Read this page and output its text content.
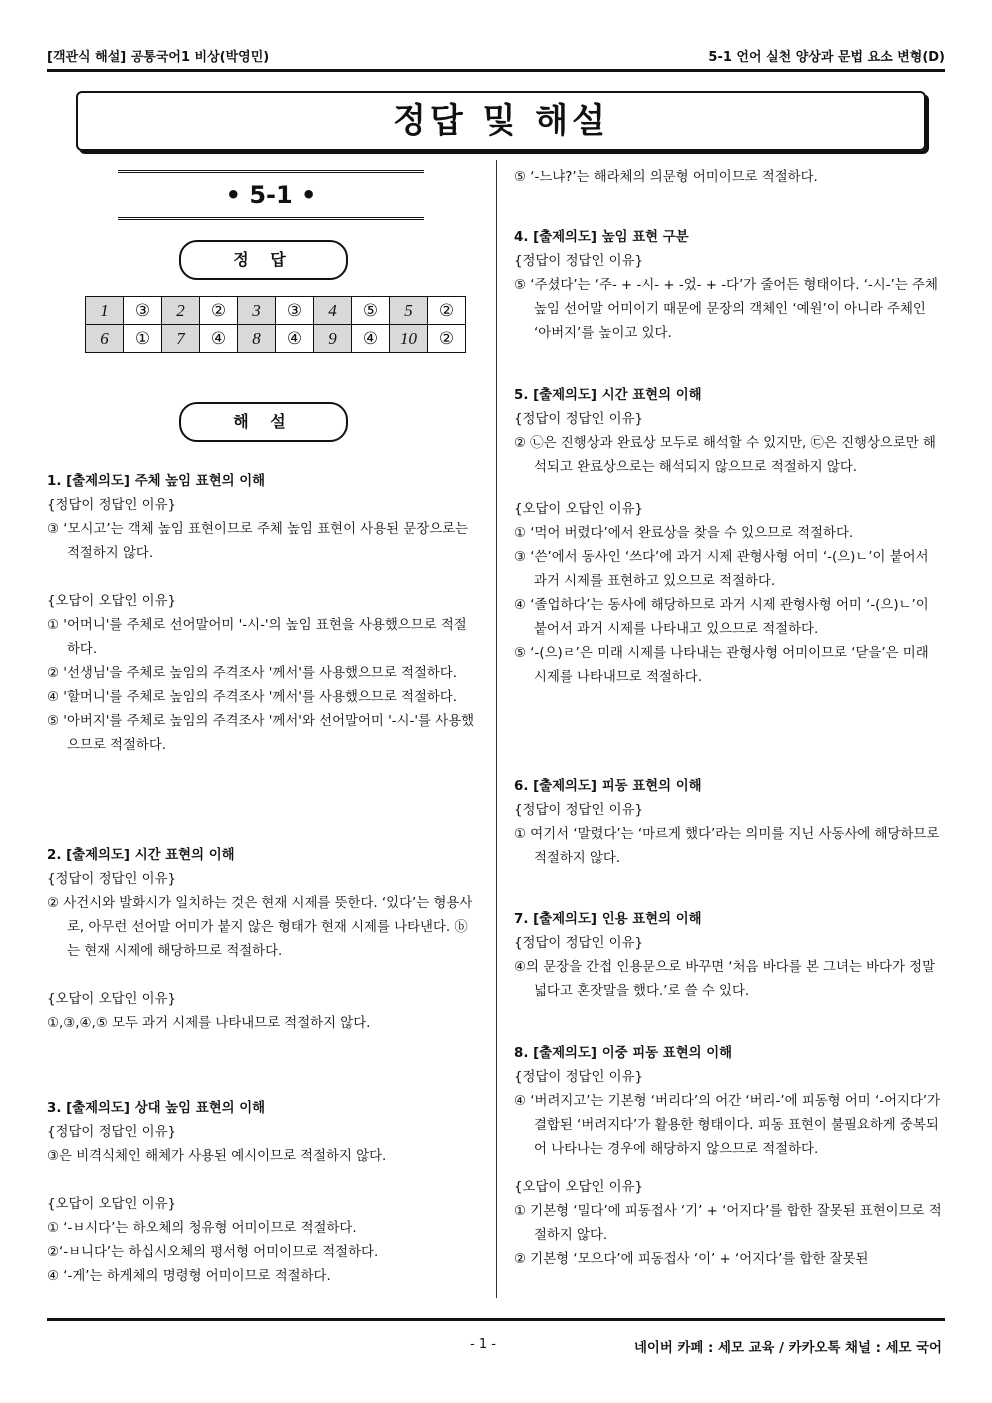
[객관식 해설] 공통국어1 비상(박영민)	5-1 언어 실천 양상과 문법 요소 변형(D)
정답 및 해설
• 5-1 •
정 답
1	③	2	②	3	③	4	⑤	5	②
6	①	7	④	8	④	9	④	10	②
해 설

1. [출제의도] 주체 높임 표현의 이해

{정답이 정답인 이유}

③ ‘모시고’는 객체 높임 표현이므로 주체 높임 표현이 사용된 문장으로는 적절하지 않다.

{오답이 오답인 이유}

① '어머니'를 주체로 선어말어미 '-시-'의 높임 표현을 사용했으므로 적절하다.

② '선생님'을 주체로 높임의 주격조사 '께서'를 사용했으므로 적절하다.

④ '할머니'를 주체로 높임의 주격조사 '께서'를 사용했으므로 적절하다.

⑤ '아버지'를 주체로 높임의 주격조사 '께서'와 선어말어미 '-시-'를 사용했으므로 적절하다.

2. [출제의도] 시간 표현의 이해

{정답이 정답인 이유}

② 사건시와 발화시가 일치하는 것은 현재 시제를 뜻한다. ‘있다’는 형용사로, 아무런 선어말 어미가 붙지 않은 형태가 현재 시제를 나타낸다. ⓑ는 현재 시제에 해당하므로 적절하다.

{오답이 오답인 이유}

①,③,④,⑤ 모두 과거 시제를 나타내므로 적절하지 않다.

3. [출제의도] 상대 높임 표현의 이해

{정답이 정답인 이유}

③은 비격식체인 해체가 사용된 예시이므로 적절하지 않다.

{오답이 오답인 이유}

① ‘-ㅂ시다’는 하오체의 청유형 어미이므로 적절하다.

②‘-ㅂ니다’는 하십시오체의 평서형 어미이므로 적절하다.

④ ‘-게’는 하게체의 명령형 어미이므로 적절하다.

⑤ ‘-느냐?’는 해라체의 의문형 어미이므로 적절하다.

4. [출제의도] 높임 표현 구분

{정답이 정답인 이유}

⑤ ‘주셨다’는 ‘주- + -시- + -었- + -다’가 줄어든 형태이다. ‘-시-’는 주체 높임 선어말 어미이기 때문에 문장의 객체인 ‘예원’이 아니라 주체인 ‘아버지’를 높이고 있다.

5. [출제의도] 시간 표현의 이해

{정답이 정답인 이유}

② ㉡은 진행상과 완료상 모두로 해석할 수 있지만, ㉢은 진행상으로만 해석되고 완료상으로는 해석되지 않으므로 적절하지 않다.

{오답이 오답인 이유}

① ‘먹어 버렸다’에서 완료상을 찾을 수 있으므로 적절하다.

③ ‘쓴’에서 동사인 ‘쓰다’에 과거 시제 관형사형 어미 ‘-(으)ㄴ’이 붙어서 과거 시제를 표현하고 있으므로 적절하다.

④ ‘졸업하다’는 동사에 해당하므로 과거 시제 관형사형 어미 ‘-(으)ㄴ’이 붙어서 과거 시제를 나타내고 있으므로 적절하다.

⑤ ‘-(으)ㄹ’은 미래 시제를 나타내는 관형사형 어미이므로 ‘닫을’은 미래 시제를 나타내므로 적절하다.

6. [출제의도] 피동 표현의 이해

{정답이 정답인 이유}

① 여기서 ‘말렸다’는 ‘마르게 했다’라는 의미를 지닌 사동사에 해당하므로 적절하지 않다.

7. [출제의도] 인용 표현의 이해

{정답이 정답인 이유}

④의 문장을 간접 인용문으로 바꾸면 ‘처음 바다를 본 그녀는 바다가 정말 넓다고 혼잣말을 했다.’로 쓸 수 있다.

8. [출제의도] 이중 피동 표현의 이해

{정답이 정답인 이유}

④ ‘버려지고’는 기본형 ‘버리다’의 어간 ‘버리-’에 피동형 어미 ‘-어지다’가 결합된 ‘버려지다’가 활용한 형태이다. 피동 표현이 불필요하게 중복되어 나타나는 경우에 해당하지 않으므로 적절하다.

{오답이 오답인 이유}

① 기본형 ‘밀다’에 피동접사 ‘기’ + ‘어지다’를 합한 잘못된 표현이므로 적절하지 않다.

② 기본형 ‘모으다’에 피동접사 ‘이’ + ‘어지다’를 합한 잘못된

- 1 -	네이버 카페 : 세모 교육 / 카카오톡 채널 : 세모 국어
